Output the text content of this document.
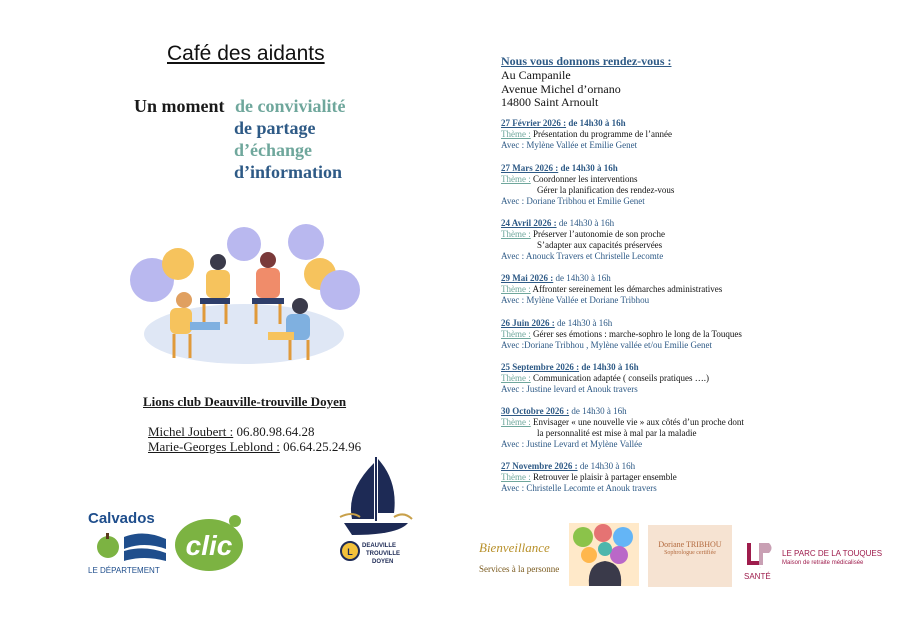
Café des aidants
Un moment de convivialité
de partage
d’échange
d’information
Lions club Deauville-trouville Doyen
Michel Joubert : 06.80.98.64.28
Marie-Georges Leblond : 06.64.25.24.96
Nous vous donnons rendez-vous :
Au Campanile
Avenue Michel d’ornano
14800 Saint Arnoult
27 Février 2026 : de 14h30 à 16h
Thème : Présentation du programme de l’année
Avec : Mylène Vallée et Emilie Genet
27 Mars 2026 : de 14h30 à 16h
Thème : Coordonner les interventions
Gérer la planification des rendez-vous
Avec : Doriane Tribhou et Emilie Genet
24 Avril 2026 : de 14h30 à 16h
Thème : Préserver l’autonomie de son proche
S’adapter aux capacités préservées
Avec : Anouck Travers et Christelle Lecomte
29 Mai 2026 : de 14h30 à 16h
Thème : Affronter sereinement les démarches administratives
Avec : Mylène Vallée et Doriane Tribhou
26 Juin 2026 : de 14h30 à 16h
Thème : Gérer ses émotions : marche-sophro le long de la Touques
Avec :Doriane Tribhou , Mylène vallée et/ou Emilie Genet
25 Septembre 2026 : de 14h30 à 16h
Thème : Communication adaptée ( conseils pratiques ….)
Avec : Justine levard et Anouk travers
30 Octobre 2026 : de 14h30 à 16h
Thème : Envisager « une nouvelle vie » aux côtés d’un proche dont
la personnalité est mise à mal par la maladie
Avec : Justine Levard et Mylène Vallée
27 Novembre 2026 : de 14h30 à 16h
Thème : Retrouver le plaisir à partager ensemble
Avec : Christelle Lecomte et Anouk travers
Calvados
LE DÉPARTEMENT
clic	L
DEAUVILLE
TROUVILLE
DOYEN
Bienveillance
Services à la personne
Doriane TRIBHOU
Sophrologue certifiée
LP
SANTÉ
LE PARC DE LA TOUQUES
Maison de retraite médicalisée
